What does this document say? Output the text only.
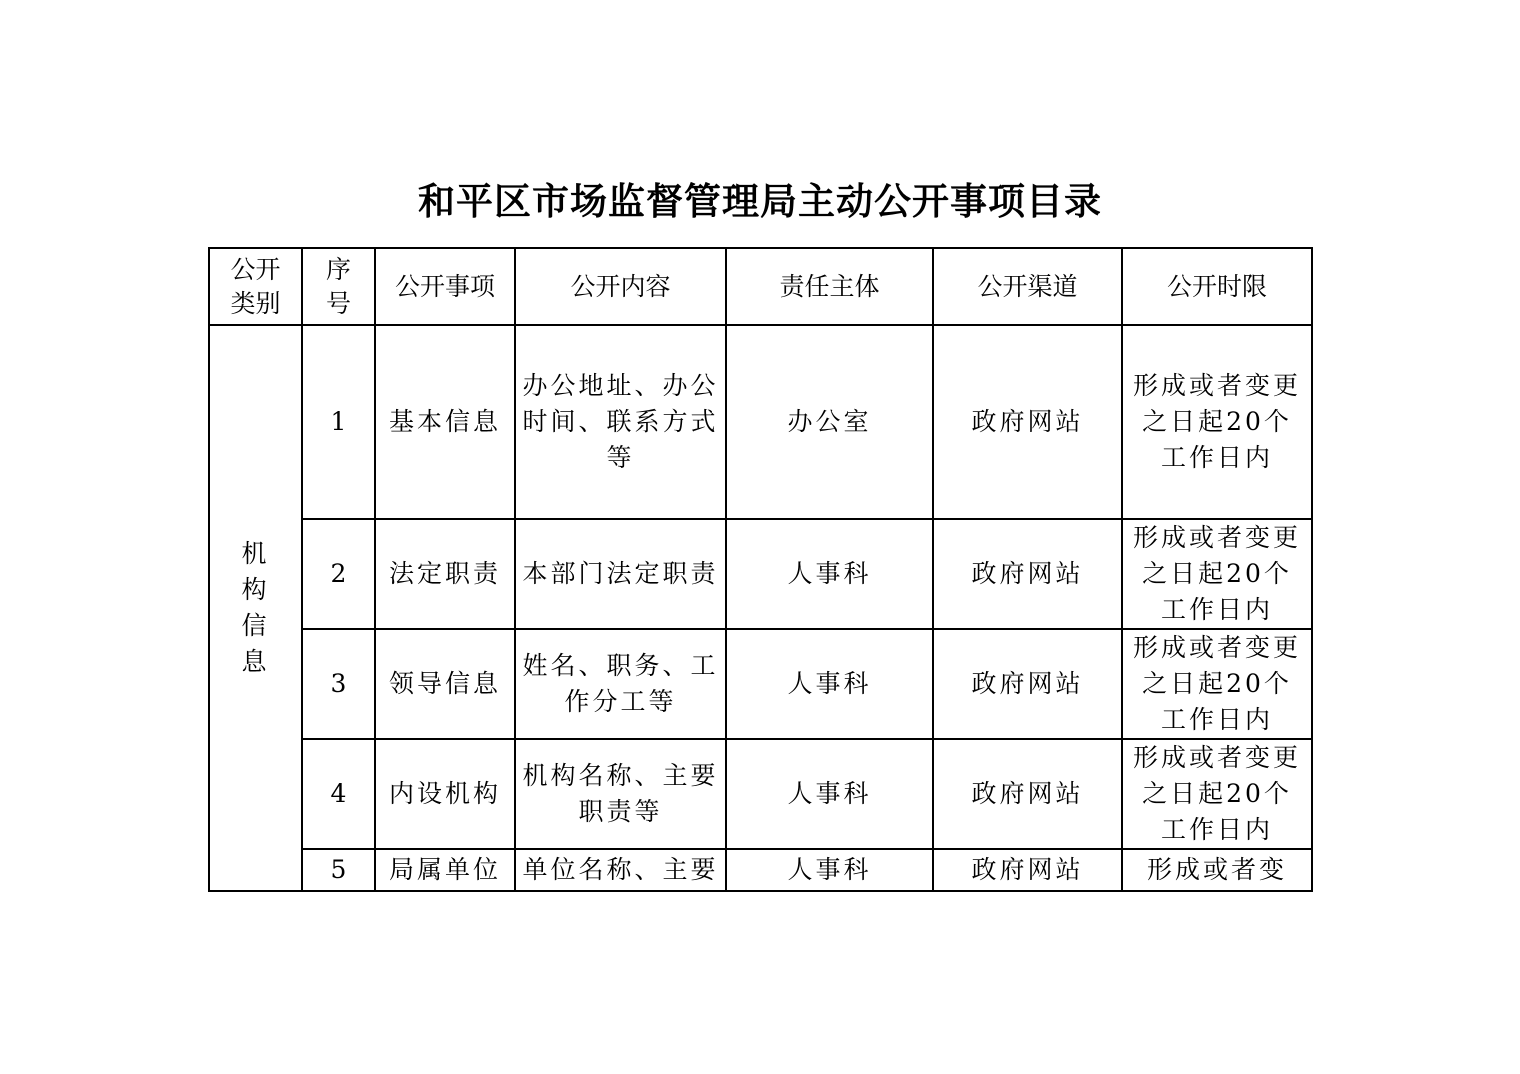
和平区市场监督管理局主动公开事项目录
公开类别	序号	公开事项	公开内容	责任主体	公开渠道	公开时限
机构信息	1	基本信息	办公地址、办公时间、联系方式等	办公室	政府网站	形成或者变更之日起20个工作日内
	2	法定职责	本部门法定职责	人事科	政府网站	形成或者变更之日起20个工作日内
	3	领导信息	姓名、职务、工作分工等	人事科	政府网站	形成或者变更之日起20个工作日内
	4	内设机构	机构名称、主要职责等	人事科	政府网站	形成或者变更之日起20个工作日内
	5	局属单位	单位名称、主要	人事科	政府网站	形成或者变
